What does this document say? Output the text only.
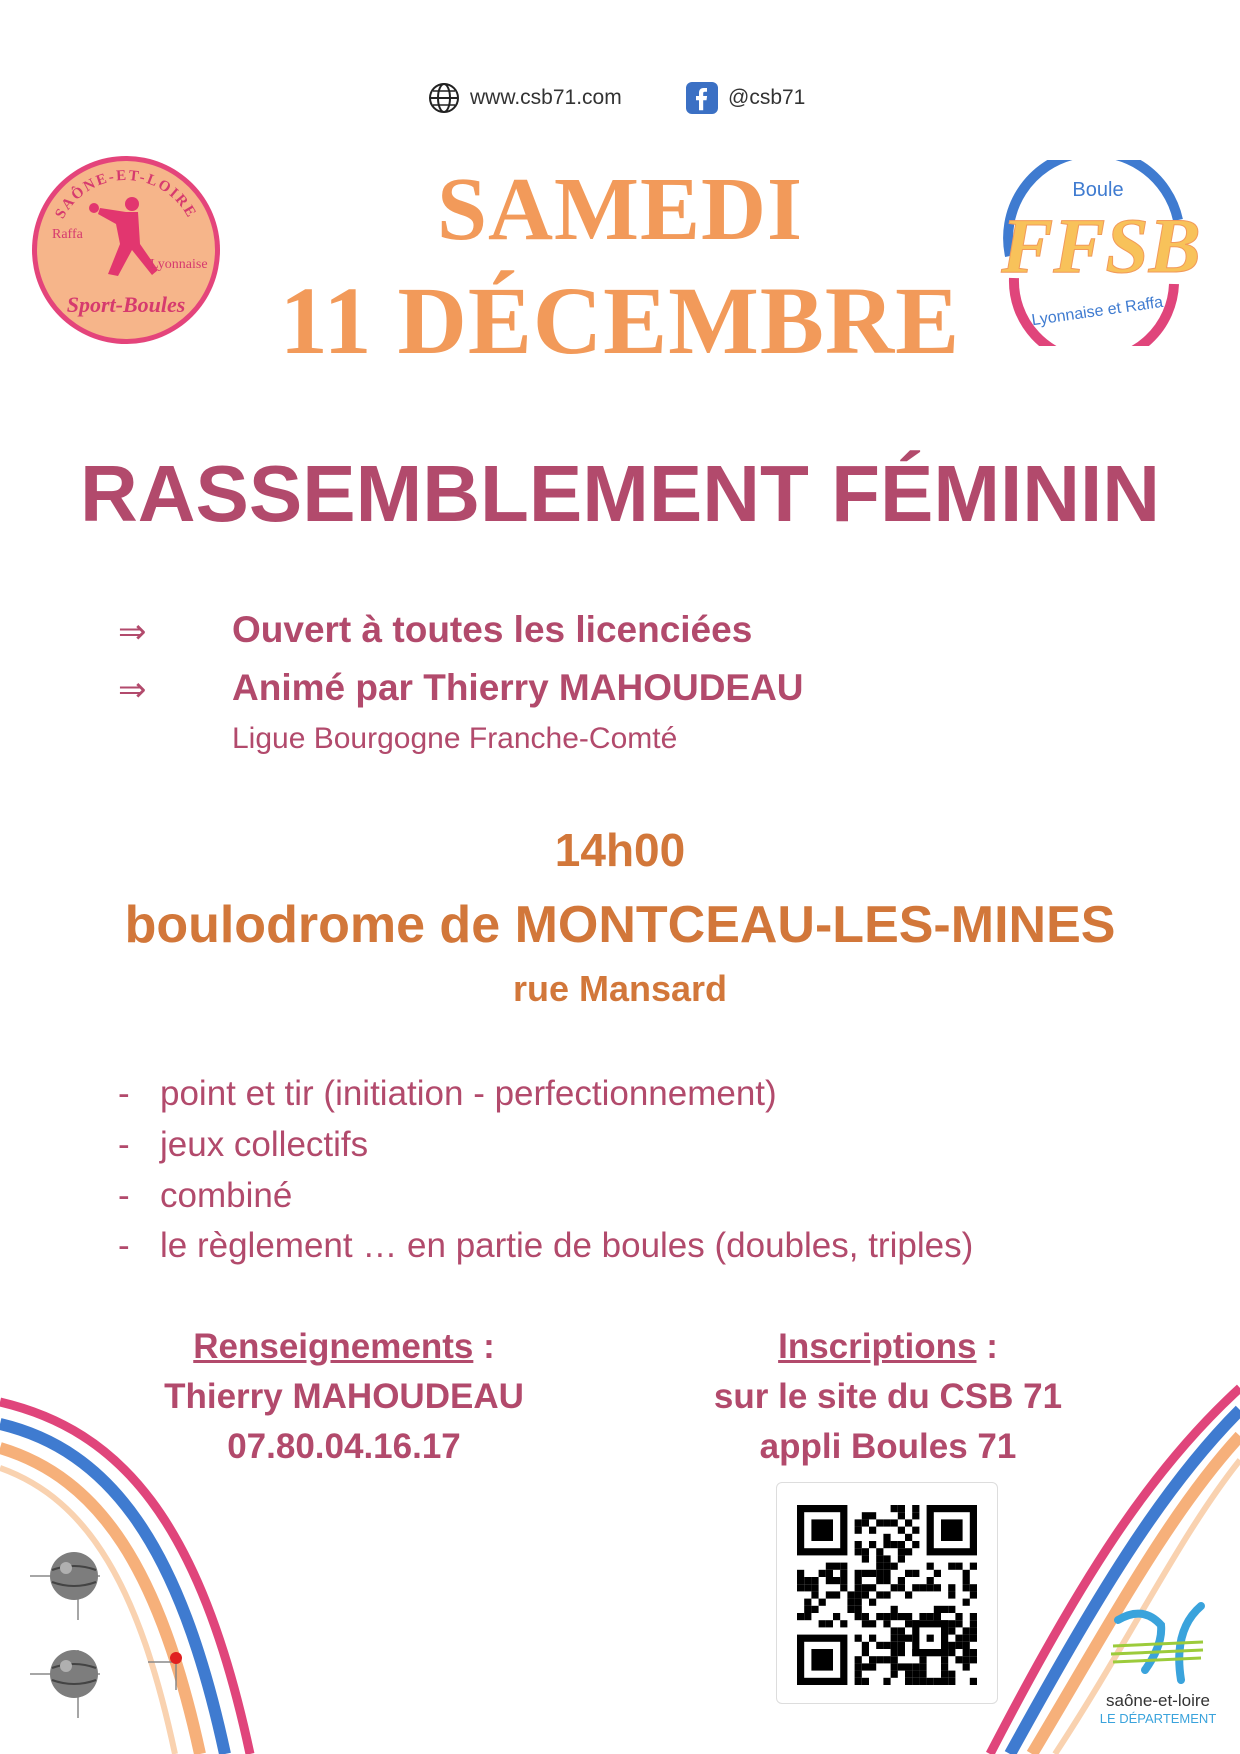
www.csb71.com	@csb71
SAÔNE-ET-LOIRE
Raffa
Lyonnaise
Sport-Boules
Boule
FFSB
Lyonnaise et Raffa
SAMEDI
11 DÉCEMBRE
RASSEMBLEMENT FÉMININ
⇒ Ouvert à toutes les licenciées
⇒ Animé par Thierry MAHOUDEAU
Ligue Bourgogne Franche-Comté
14h00
boulodrome de MONTCEAU-LES-MINES
rue Mansard
- point et tir (initiation - perfectionnement)
- jeux collectifs
- combiné
- le règlement … en partie de boules (doubles, triples)
Renseignements :
Thierry MAHOUDEAU
07.80.04.16.17
Inscriptions :
sur le site du CSB 71
appli Boules 71
saône-et-loire
LE DÉPARTEMENT
